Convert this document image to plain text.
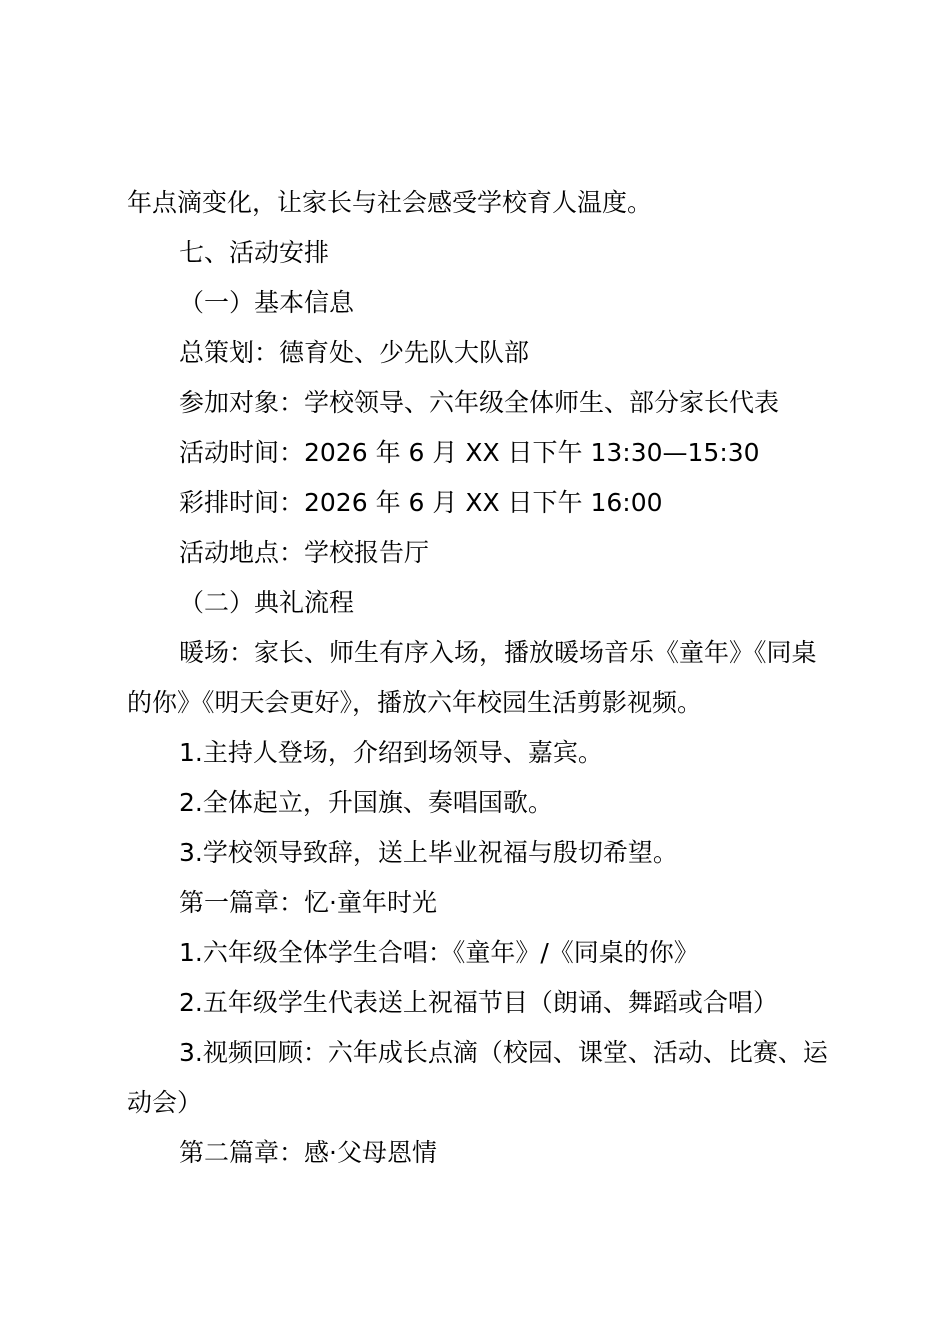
年点滴变化，让家长与社会感受学校育人温度。

七、活动安排

（一）基本信息

总策划：德育处、少先队大队部

参加对象：学校领导、六年级全体师生、部分家长代表

活动时间：2026 年 6 月 XX 日下午 13:30—15:30

彩排时间：2026 年 6 月 XX 日下午 16:00

活动地点：学校报告厅

（二）典礼流程

暖场：家长、师生有序入场，播放暖场音乐《童年》《同桌的你》《明天会更好》，播放六年校园生活剪影视频。

1.主持人登场，介绍到场领导、嘉宾。

2.全体起立，升国旗、奏唱国歌。

3.学校领导致辞，送上毕业祝福与殷切希望。

第一篇章：忆·童年时光

1.六年级全体学生合唱：《童年》/《同桌的你》

2.五年级学生代表送上祝福节目（朗诵、舞蹈或合唱）

3.视频回顾：六年成长点滴（校园、课堂、活动、比赛、运动会）

第二篇章：感·父母恩情
